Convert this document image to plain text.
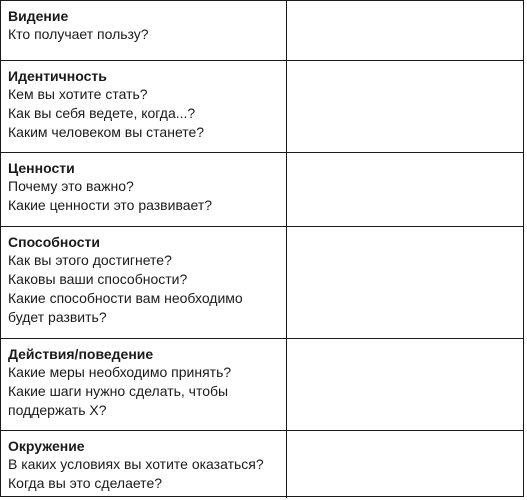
Видение

Кто получает пользу?

Идентичность

Кем вы хотите стать?

Как вы себя ведете, когда...?

Каким человеком вы станете?

Ценности

Почему это важно?

Какие ценности это развивает?

Способности

Как вы этого достигнете?

Каковы ваши способности?

Какие способности вам необходимо

будет развить?

Действия/поведение

Какие меры необходимо принять?

Какие шаги нужно сделать, чтобы

поддержать X?

Окружение

В каких условиях вы хотите оказаться?

Когда вы это сделаете?
